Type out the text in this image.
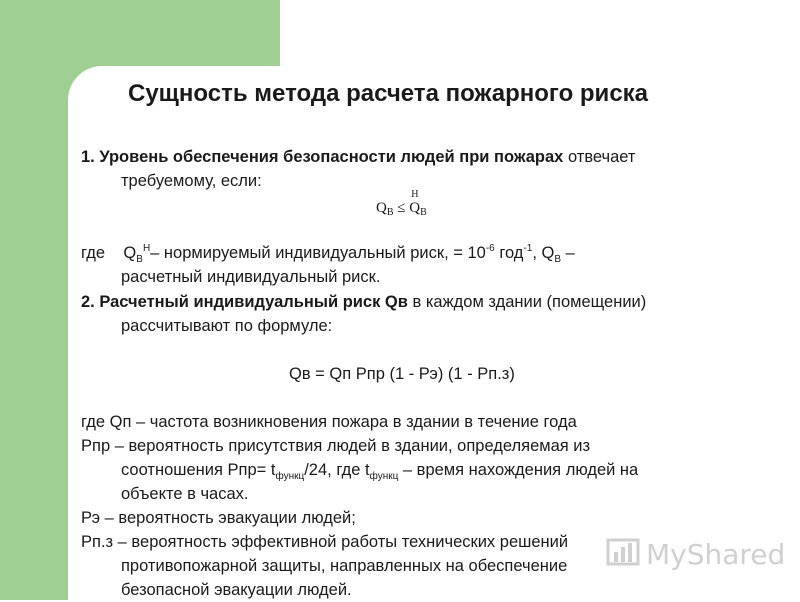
Сущность метода расчета пожарного риска
1. Уровень обеспечения безопасности людей при пожарах отвечает
требуемому, если:
$Q_В \le Q$
Н
$_В$
где    $Q_В^Н-$ нормируемый индивидуальный риск, = $10^{-6}$ год$^{-1}$, $Q_В$ –
расчетный индивидуальный риск.
2. Расчетный индивидуальный риск Qв в каждом здании (помещении)
рассчитывают по формуле:
Qв = Qп Рпр (1 - Рэ) (1 - Рп.з)
где Qп – частота возникновения пожара в здании в течение года
Рпр – вероятность присутствия людей в здании, определяемая из
соотношения $Рпр= t_{функц}/24$, где $t_{функц}$ – время нахождения людей на
объекте в часах.
Рэ – вероятность эвакуации людей;
Рп.з – вероятность эффективной работы технических решений
противопожарной защиты, направленных на обеспечение
безопасной эвакуации людей.
MyShared
